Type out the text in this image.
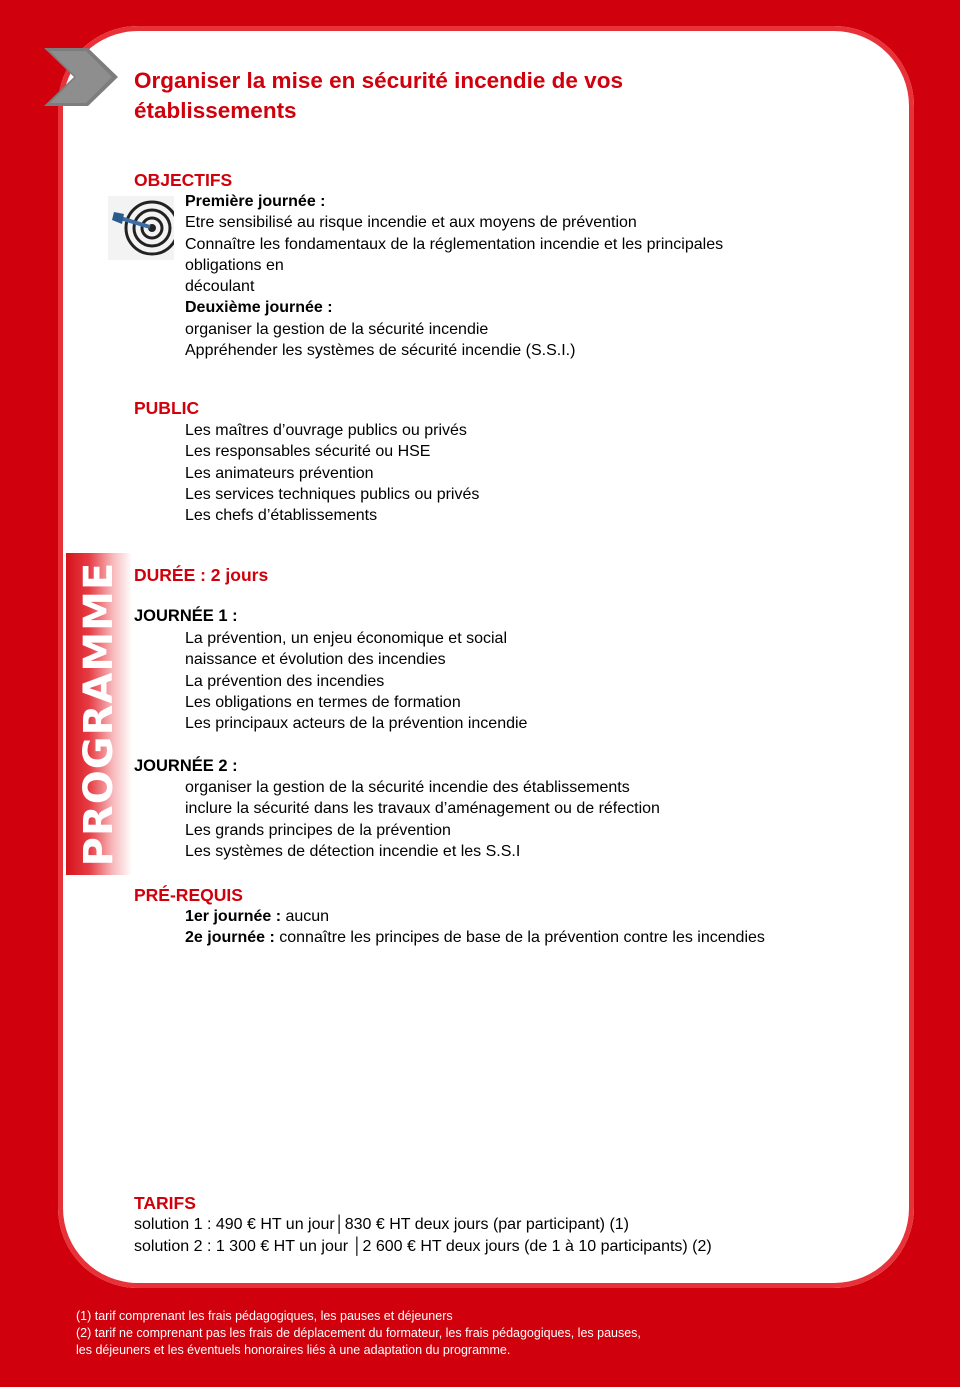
PROGRAMME
Organiser la mise en sécurité incendie de vos établissements
OBJECTIFS
Première journée :
Etre sensibilisé au risque incendie et aux moyens de prévention
Connaître les fondamentaux de la réglementation incendie et les principales
obligations en
découlant
Deuxième journée :
organiser la gestion de la sécurité incendie
Appréhender les systèmes de sécurité incendie (S.S.I.)
PUBLIC
Les maîtres d’ouvrage publics ou privés
Les responsables sécurité ou HSE
Les animateurs prévention
Les services techniques publics ou privés
Les chefs d’établissements
DURÉE : 2 jours
JOURNÉE 1 :
La prévention, un enjeu économique et social
naissance et évolution des incendies
La prévention des incendies
Les obligations en termes de formation
Les principaux acteurs de la prévention incendie
JOURNÉE 2 :
organiser la gestion de la sécurité incendie des établissements
inclure la sécurité dans les travaux d’aménagement ou de réfection
Les grands principes de la prévention
Les systèmes de détection incendie et les S.S.I
PRÉ-REQUIS
1er journée : aucun
2e journée : connaître les principes de base de la prévention contre les incendies
TARIFS
solution 1 : 490 € HT un jour│830 € HT deux jours (par participant) (1)
solution 2 : 1 300 € HT un jour │2 600 € HT deux jours (de 1 à 10 participants) (2)
(1) tarif comprenant les frais pédagogiques, les pauses et déjeuners
(2) tarif ne comprenant pas les frais de déplacement du formateur, les frais pédagogiques, les pauses,
les déjeuners et les éventuels honoraires liés à une adaptation du programme.
